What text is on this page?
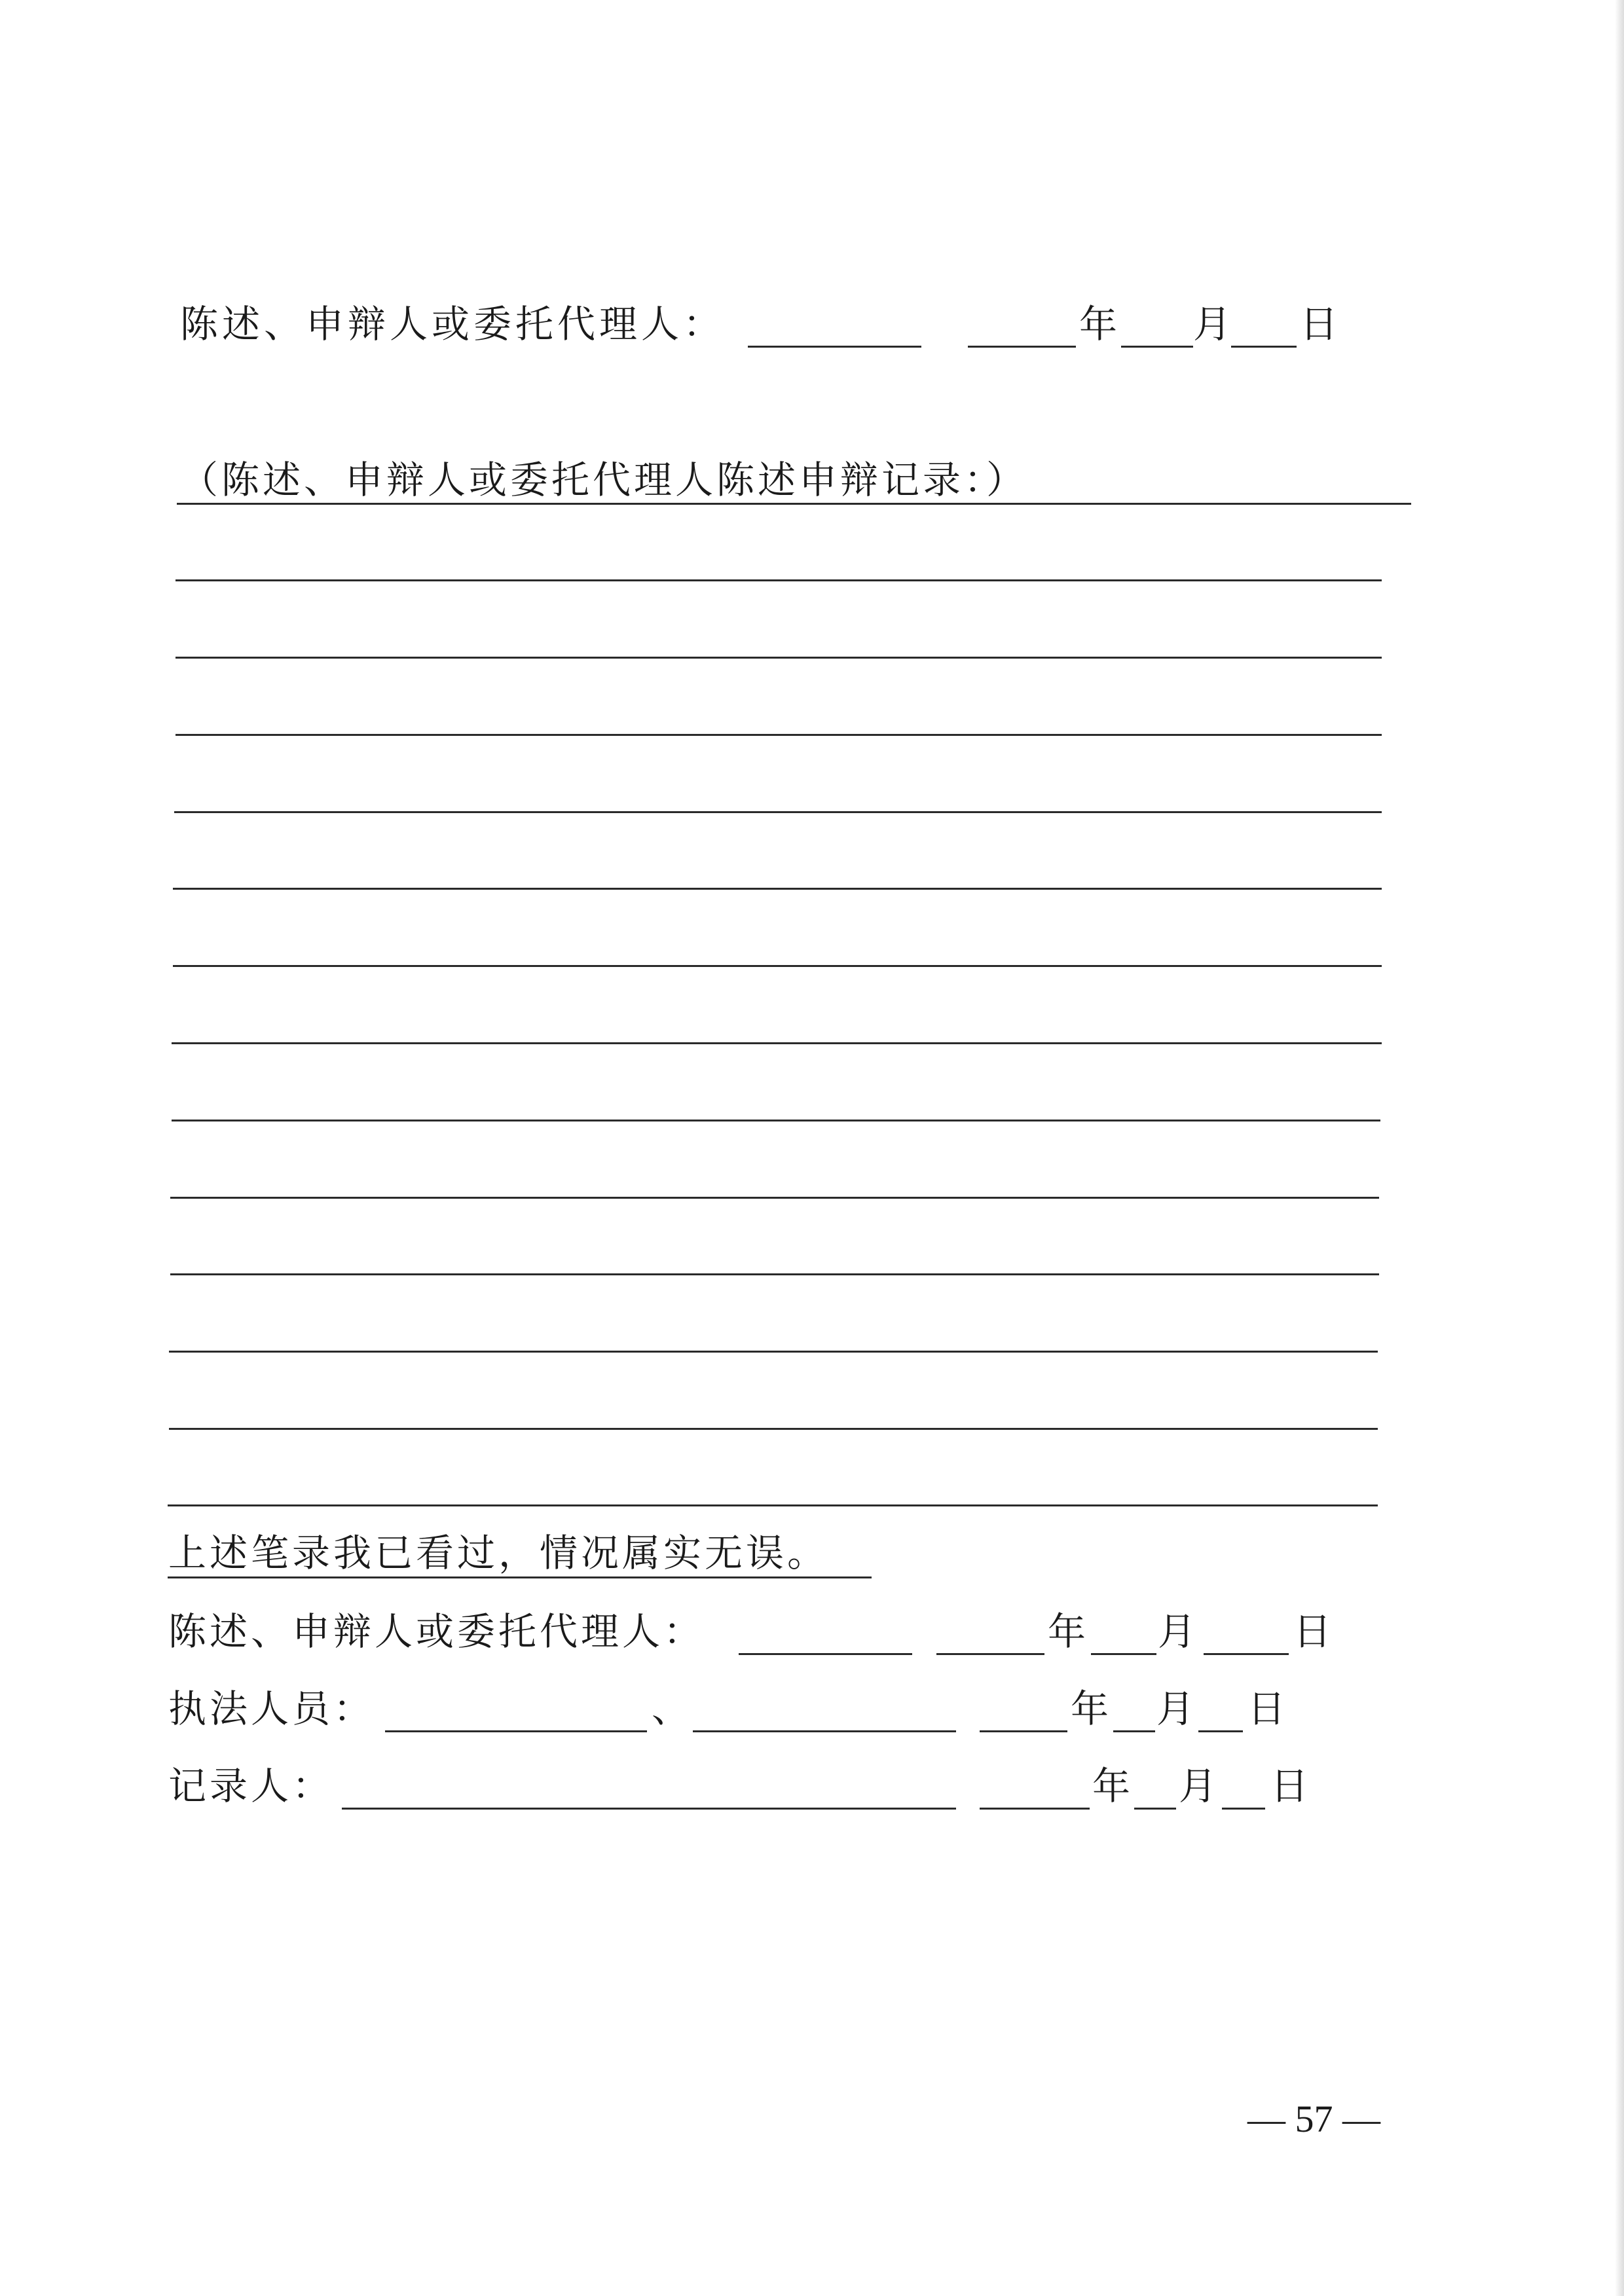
陈述、申辩人或委托代理人：	年 月 日
（陈述、申辩人或委托代理人陈述申辩记录：）
上述笔录我已看过，情况属实无误。
陈述、申辩人或委托代理人：	年 月 日
执法人员：	、	年 月 日
记录人：	年 月 日
— 57 —
